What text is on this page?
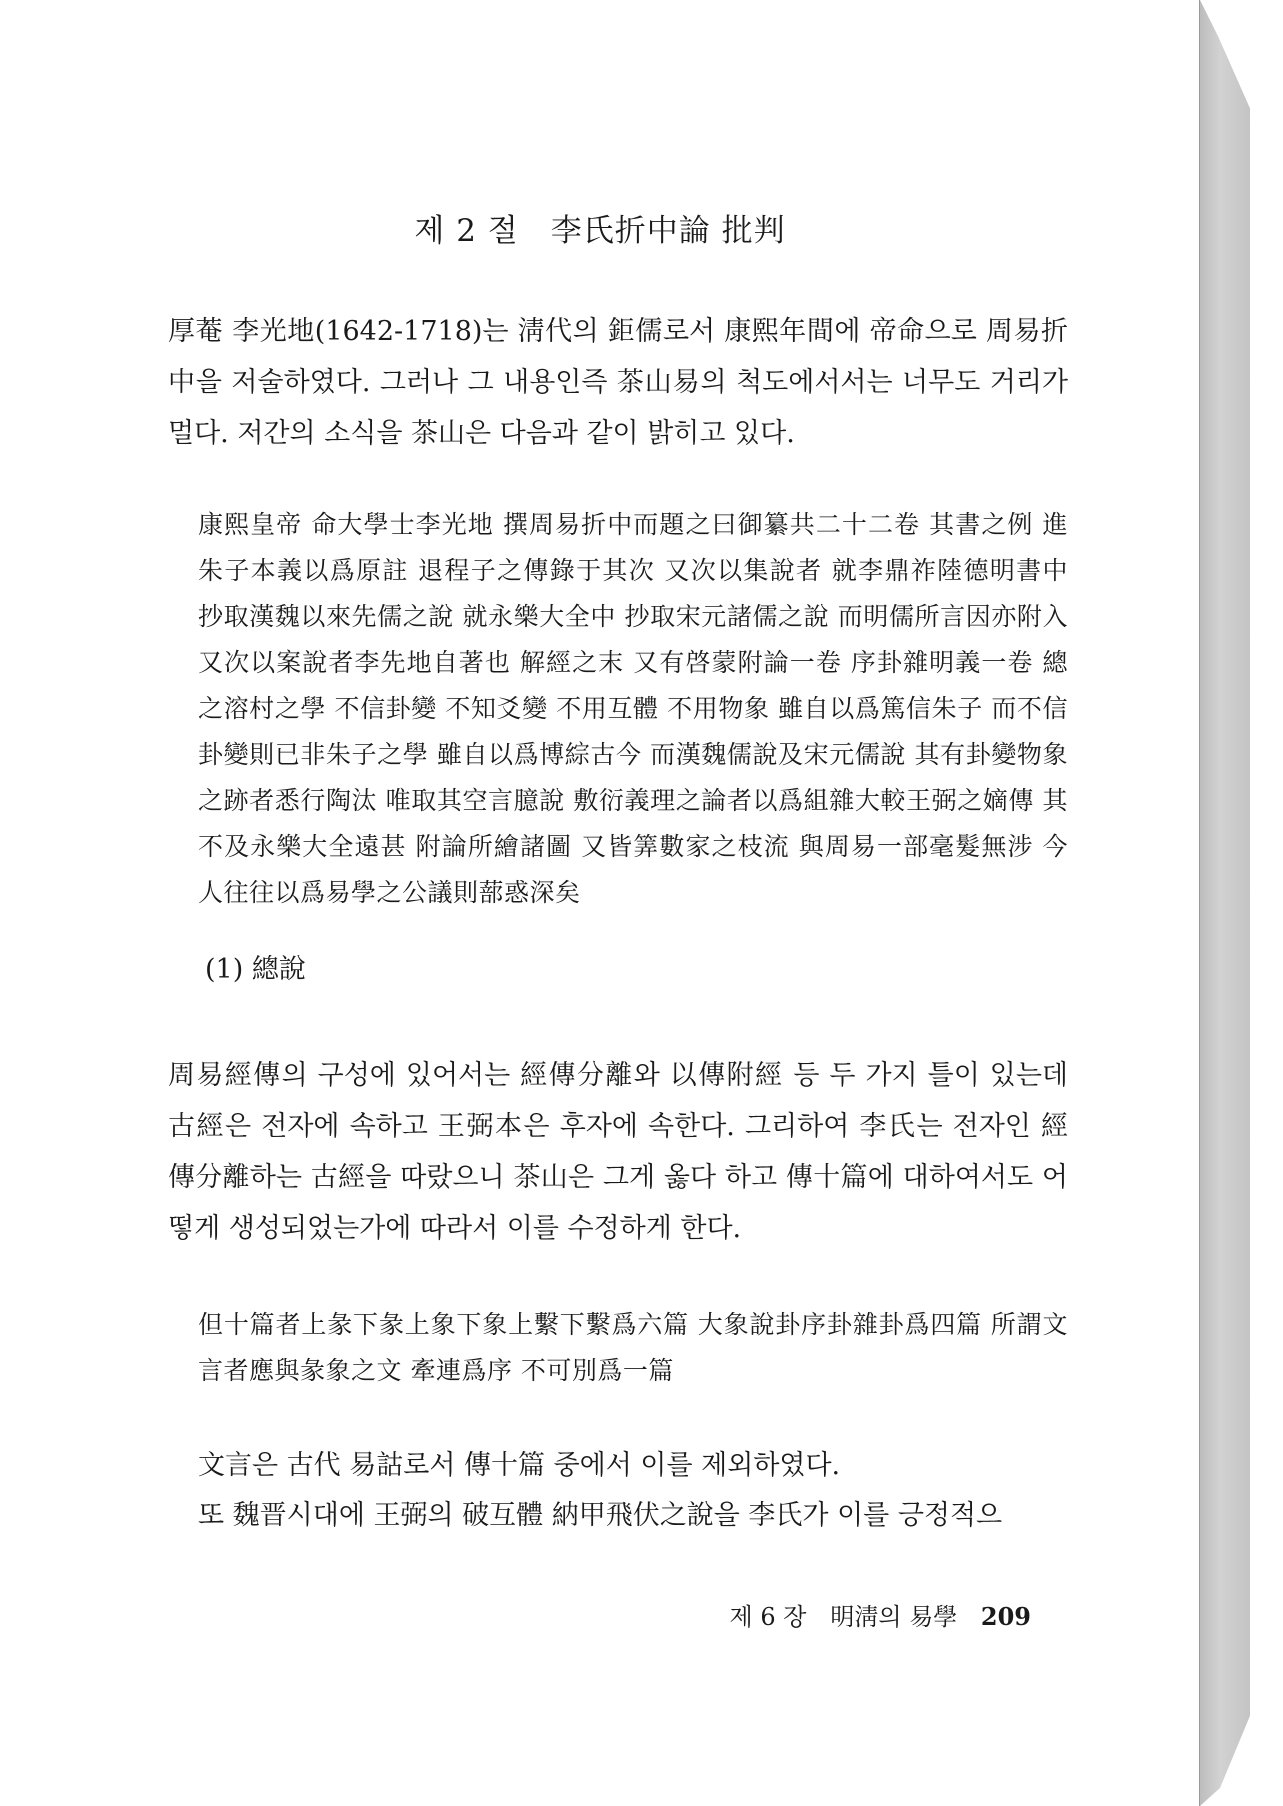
제 2 절　李氏折中論 批判

厚菴 李光地(1642-1718)는 淸代의 鉅儒로서 康熙年間에 帝命으로 周易折中을 저술하였다. 그러나 그 내용인즉 茶山易의 척도에서서는 너무도 거리가 멀다. 저간의 소식을 茶山은 다음과 같이 밝히고 있다.

康熙皇帝 命大學士李光地 撰周易折中而題之曰御纂共二十二卷 其書之例 進朱子本義以爲原註 退程子之傳錄于其次 又次以集說者 就李鼎祚陸德明書中 抄取漢魏以來先儒之說 就永樂大全中 抄取宋元諸儒之說 而明儒所言因亦附入 又次以案說者李先地自著也 解經之末 又有啓蒙附論一卷 序卦雜明義一卷 總之溶村之學 不信卦變 不知爻變 不用互體 不用物象 雖自以爲篤信朱子 而不信卦變則已非朱子之學 雖自以爲博綜古今 而漢魏儒說及宋元儒說 其有卦變物象之跡者悉行陶汰 唯取其空言臆說 敷衍義理之論者以爲組雜大較王弼之嫡傳 其不及永樂大全遠甚 附論所繪諸圖 又皆筭數家之枝流 與周易一部毫髮無涉 今人往往以爲易學之公議則蔀惑深矣

(1) 總說

周易經傳의 구성에 있어서는 經傳分離와 以傳附經 등 두 가지 틀이 있는데 古經은 전자에 속하고 王弼本은 후자에 속한다. 그리하여 李氏는 전자인 經傳分離하는 古經을 따랐으니 茶山은 그게 옳다 하고 傳十篇에 대하여서도 어떻게 생성되었는가에 따라서 이를 수정하게 한다.

但十篇者上彖下彖上象下象上繫下繫爲六篇 大象說卦序卦雜卦爲四篇 所謂文言者應與彖象之文 牽連爲序 不可別爲一篇

文言은 古代 易詁로서 傳十篇 중에서 이를 제외하였다.

또 魏晋시대에 王弼의 破互體 納甲飛伏之說을 李氏가 이를 긍정적으

제 6 장　明淸의 易學 209
